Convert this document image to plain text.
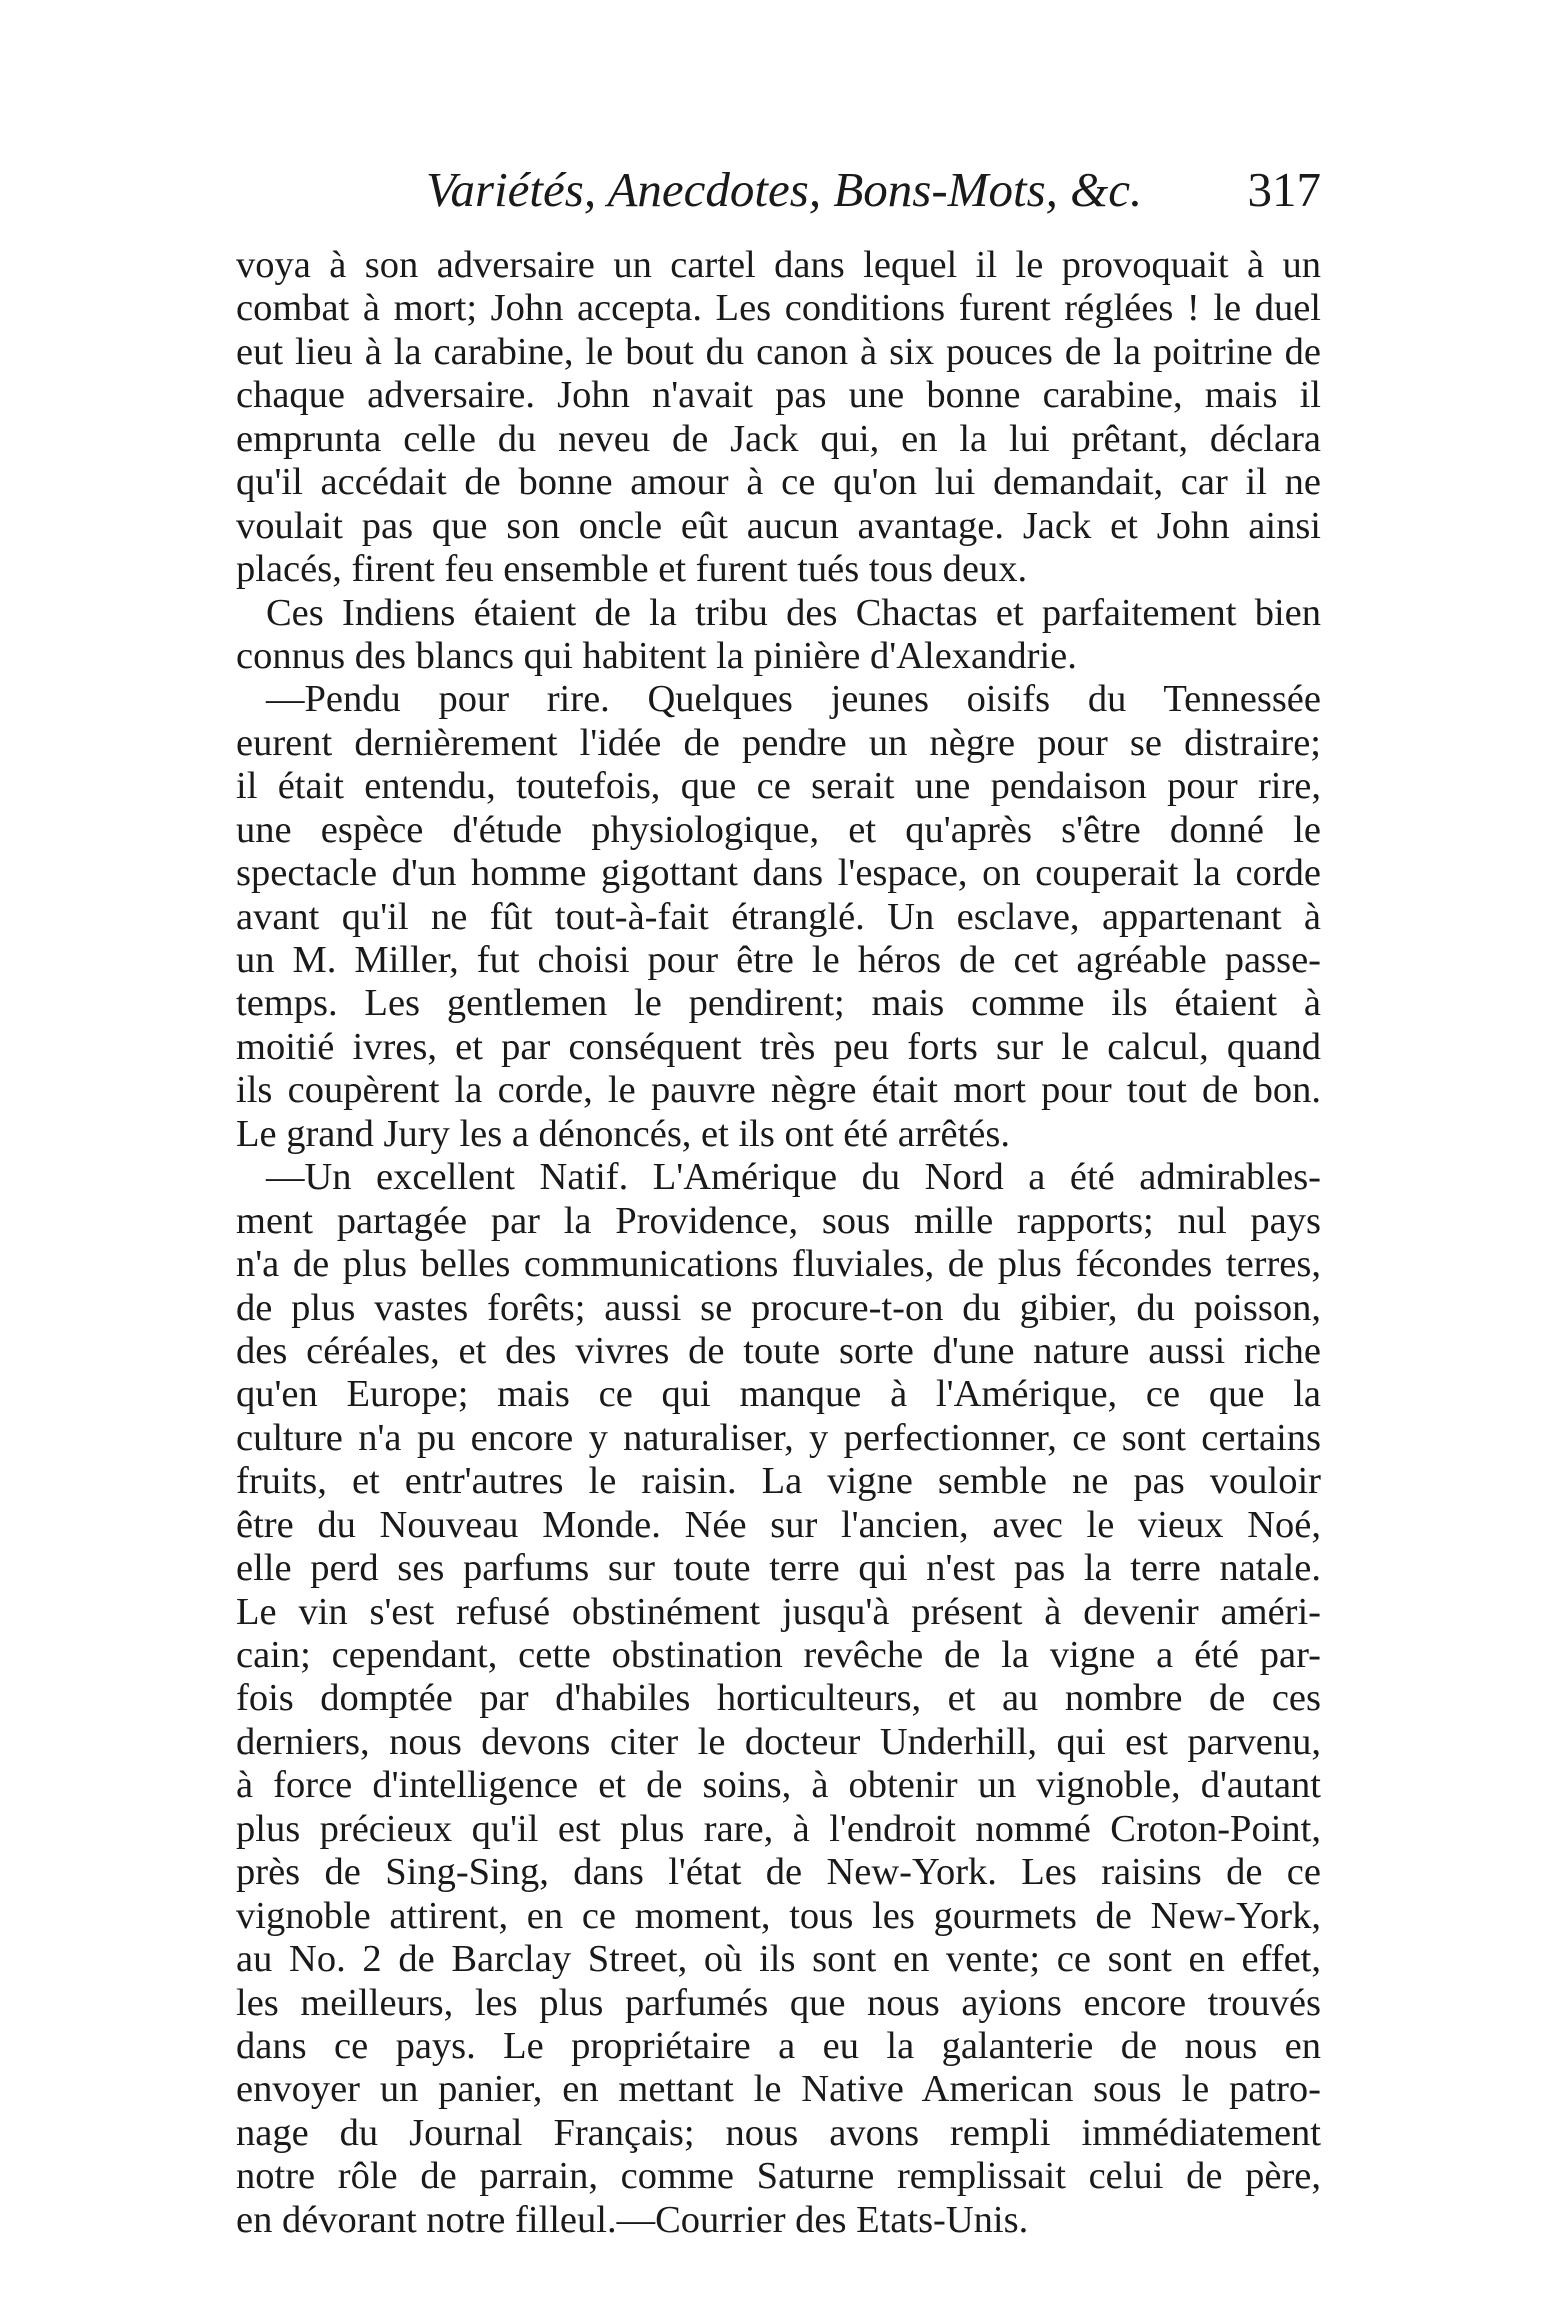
Variétés, Anecdotes, Bons-Mots, &c. 317
voya à son adversaire un cartel dans lequel il le provoquait à un
combat à mort; John accepta. Les conditions furent réglées ! le duel
eut lieu à la carabine, le bout du canon à six pouces de la poitrine de
chaque adversaire. John n'avait pas une bonne carabine, mais il
emprunta celle du neveu de Jack qui, en la lui prêtant, déclara
qu'il accédait de bonne amour à ce qu'on lui demandait, car il ne
voulait pas que son oncle eût aucun avantage. Jack et John ainsi
placés, firent feu ensemble et furent tués tous deux.
Ces Indiens étaient de la tribu des Chactas et parfaitement bien
connus des blancs qui habitent la pinière d'Alexandrie.
—Pendu pour rire. Quelques jeunes oisifs du Tennessée
eurent dernièrement l'idée de pendre un nègre pour se distraire;
il était entendu, toutefois, que ce serait une pendaison pour rire,
une espèce d'étude physiologique, et qu'après s'être donné le
spectacle d'un homme gigottant dans l'espace, on couperait la corde
avant qu'il ne fût tout-à-fait étranglé. Un esclave, appartenant à
un M. Miller, fut choisi pour être le héros de cet agréable passe-
temps. Les gentlemen le pendirent; mais comme ils étaient à
moitié ivres, et par conséquent très peu forts sur le calcul, quand
ils coupèrent la corde, le pauvre nègre était mort pour tout de bon.
Le grand Jury les a dénoncés, et ils ont été arrêtés.
—Un excellent Natif. L'Amérique du Nord a été admirables-
ment partagée par la Providence, sous mille rapports; nul pays
n'a de plus belles communications fluviales, de plus fécondes terres,
de plus vastes forêts; aussi se procure-t-on du gibier, du poisson,
des céréales, et des vivres de toute sorte d'une nature aussi riche
qu'en Europe; mais ce qui manque à l'Amérique, ce que la
culture n'a pu encore y naturaliser, y perfectionner, ce sont certains
fruits, et entr'autres le raisin. La vigne semble ne pas vouloir
être du Nouveau Monde. Née sur l'ancien, avec le vieux Noé,
elle perd ses parfums sur toute terre qui n'est pas la terre natale.
Le vin s'est refusé obstinément jusqu'à présent à devenir améri-
cain; cependant, cette obstination revêche de la vigne a été par-
fois domptée par d'habiles horticulteurs, et au nombre de ces
derniers, nous devons citer le docteur Underhill, qui est parvenu,
à force d'intelligence et de soins, à obtenir un vignoble, d'autant
plus précieux qu'il est plus rare, à l'endroit nommé Croton-Point,
près de Sing-Sing, dans l'état de New-York. Les raisins de ce
vignoble attirent, en ce moment, tous les gourmets de New-York,
au No. 2 de Barclay Street, où ils sont en vente; ce sont en effet,
les meilleurs, les plus parfumés que nous ayions encore trouvés
dans ce pays. Le propriétaire a eu la galanterie de nous en
envoyer un panier, en mettant le Native American sous le patro-
nage du Journal Français; nous avons rempli immédiatement
notre rôle de parrain, comme Saturne remplissait celui de père,
en dévorant notre filleul.—Courrier des Etats-Unis.
